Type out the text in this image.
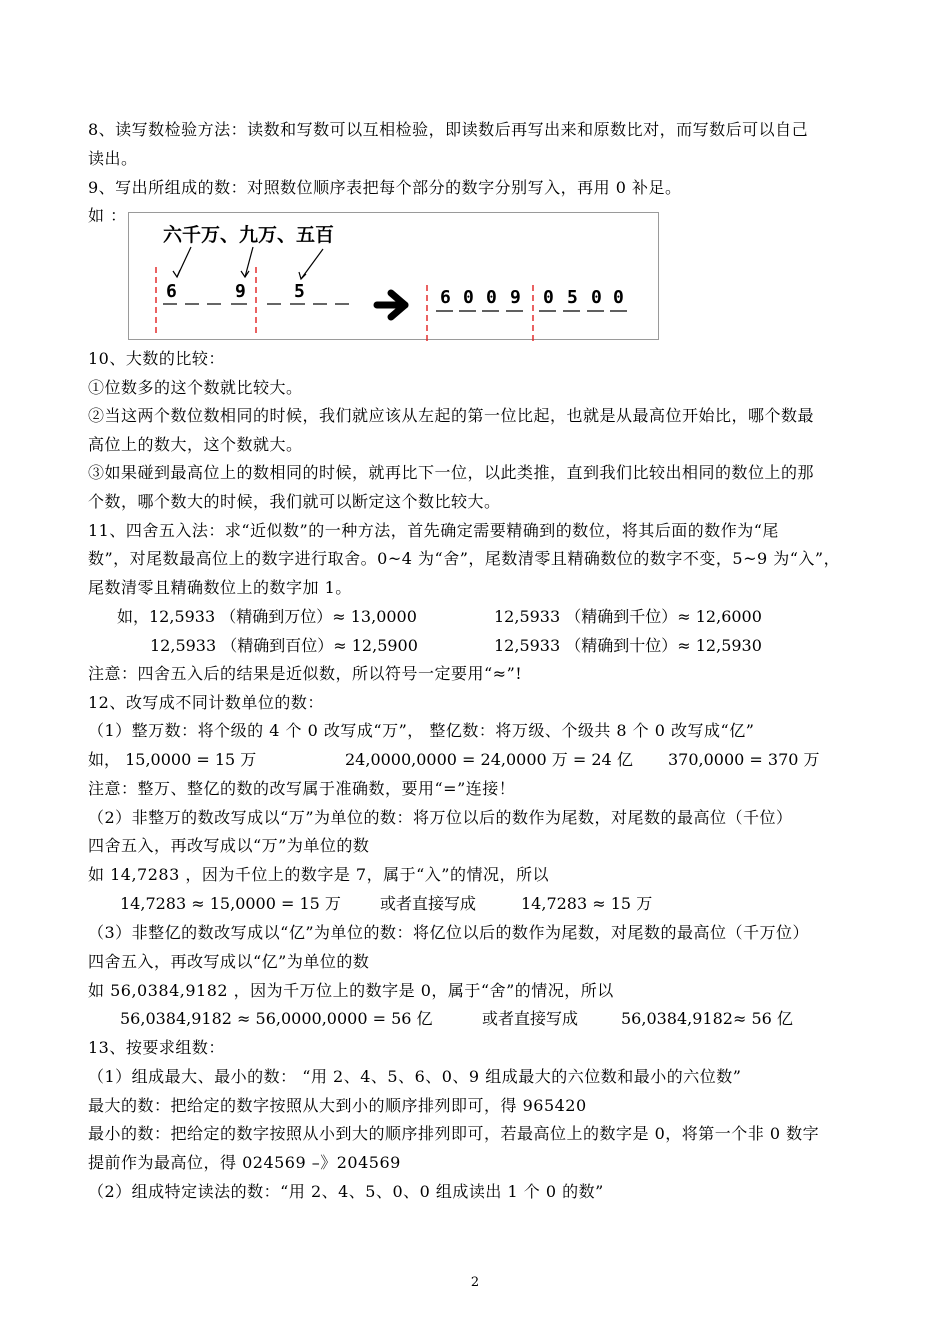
8、读写数检验方法：读数和写数可以互相检验，即读数后再写出来和原数比对，而写数后可以自己
读出。
9、写出所组成的数：对照数位顺序表把每个部分的数字分别写入，再用 0 补足。
如 ：
六千万、九万、五百
6	9	5	6 0 0 9 0 5 0 0
10、大数的比较：
①位数多的这个数就比较大。
②当这两个数位数相同的时候，我们就应该从左起的第一位比起，也就是从最高位开始比，哪个数最
高位上的数大，这个数就大。
③如果碰到最高位上的数相同的时候，就再比下一位，以此类推，直到我们比较出相同的数位上的那
个数，哪个数大的时候，我们就可以断定这个数比较大。
11、四舍五入法：求“近似数”的一种方法，首先确定需要精确到的数位，将其后面的数作为“尾
数”，对尾数最高位上的数字进行取舍。0~4 为“舍”，尾数清零且精确数位的数字不变，5~9 为“入”，
尾数清零且精确数位上的数字加 1。
如，12,5933 （精确到万位）≈ 13,0000	12,5933 （精确到千位）≈ 12,6000
12,5933 （精确到百位）≈ 12,5900	12,5933 （精确到十位）≈ 12,5930
注意：四舍五入后的结果是近似数，所以符号一定要用“≈”!
12、改写成不同计数单位的数：
（1）整万数：将个级的 4 个 0 改写成“万”， 整亿数：将万级、个级共 8 个 0 改写成“亿”
如， 15,0000 = 15 万	24,0000,0000 = 24,0000 万 = 24 亿 370,0000 = 370 万
注意：整万、整亿的数的改写属于准确数，要用“=”连接！
（2）非整万的数改写成以“万”为单位的数：将万位以后的数作为尾数，对尾数的最高位（千位）
四舍五入，再改写成以“万”为单位的数
如 14,7283 ，因为千位上的数字是 7，属于“入”的情况，所以
14,7283 ≈ 15,0000 = 15 万 或者直接写成	14,7283 ≈ 15 万
（3）非整亿的数改写成以“亿”为单位的数：将亿位以后的数作为尾数，对尾数的最高位（千万位）
四舍五入，再改写成以“亿”为单位的数
如 56,0384,9182 ，因为千万位上的数字是 0，属于“舍”的情况，所以
56,0384,9182 ≈ 56,0000,0000 = 56 亿	或者直接写成	56,0384,9182≈ 56 亿
13、按要求组数：
（1）组成最大、最小的数： “用 2、4、5、6、0、9 组成最大的六位数和最小的六位数”
最大的数：把给定的数字按照从大到小的顺序排列即可，得 965420
最小的数：把给定的数字按照从小到大的顺序排列即可，若最高位上的数字是 0，将第一个非 0 数字
提前作为最高位，得 024569 –》204569
（2）组成特定读法的数：“用 2、4、5、0、0 组成读出 1 个 0 的数”
2
